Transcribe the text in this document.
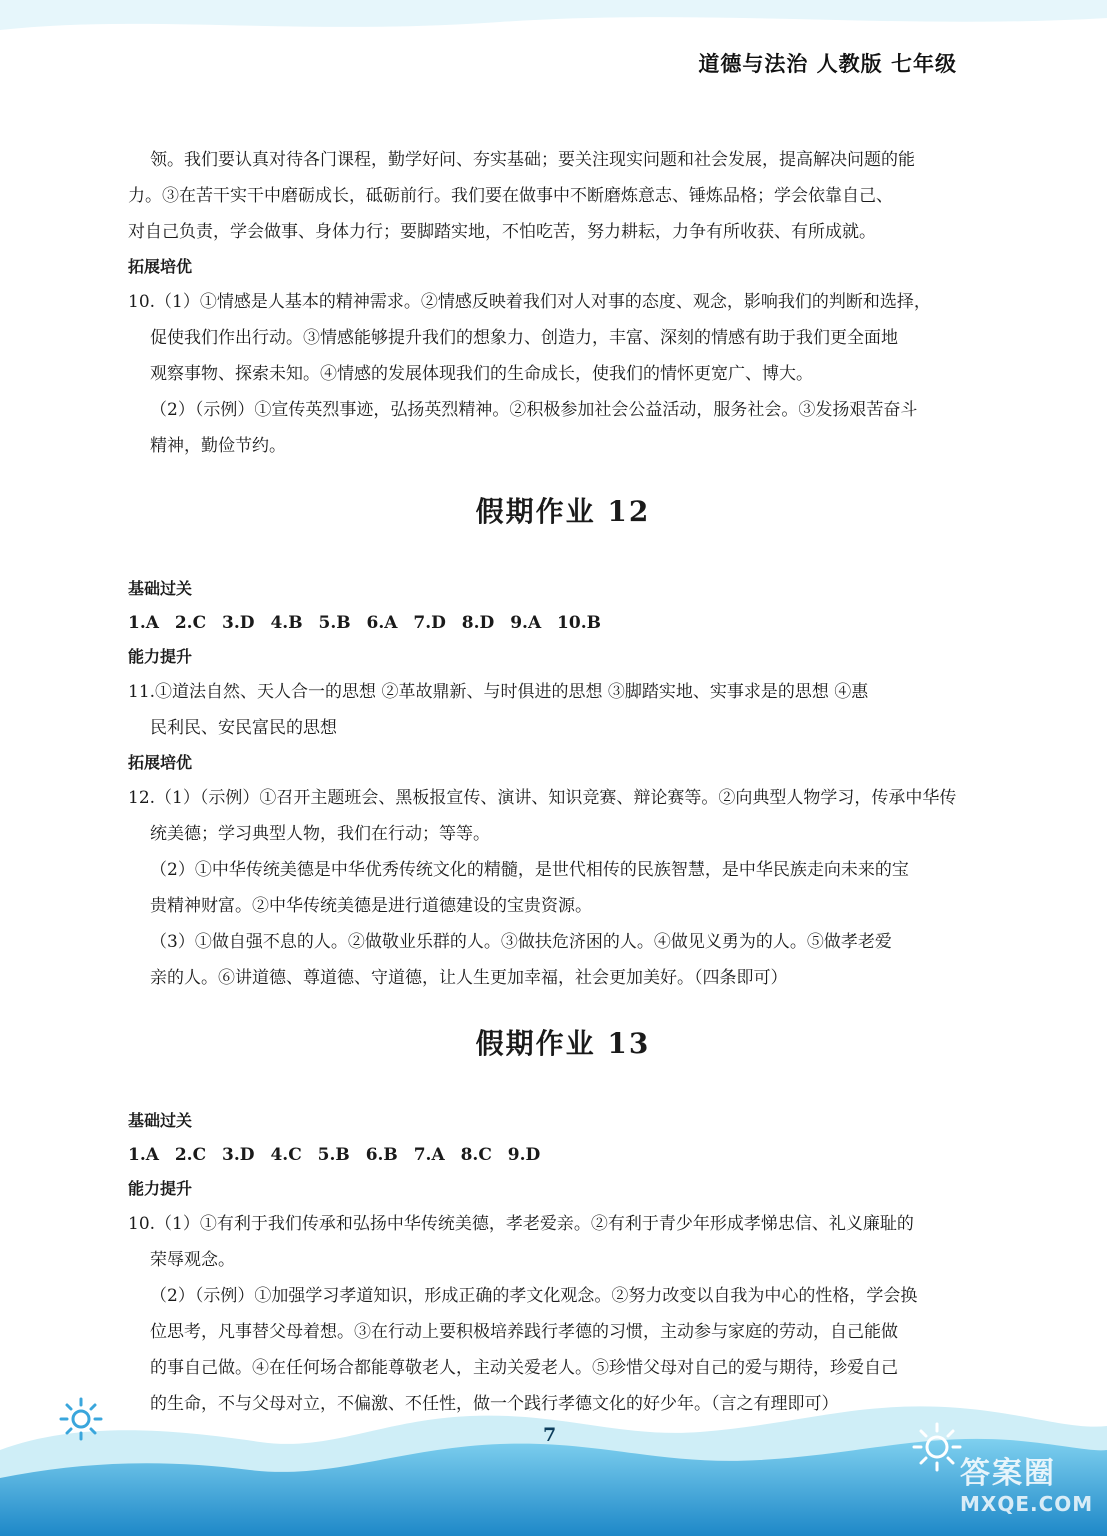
道德与法治 人教版 七年级
领。我们要认真对待各门课程，勤学好问、夯实基础；要关注现实问题和社会发展，提高解决问题的能
力。③在苦干实干中磨砺成长，砥砺前行。我们要在做事中不断磨炼意志、锤炼品格；学会依靠自己、
对自己负责，学会做事、身体力行；要脚踏实地，不怕吃苦，努力耕耘，力争有所收获、有所成就。
拓展培优
10.（1）①情感是人基本的精神需求。②情感反映着我们对人对事的态度、观念，影响我们的判断和选择，
促使我们作出行动。③情感能够提升我们的想象力、创造力，丰富、深刻的情感有助于我们更全面地
观察事物、探索未知。④情感的发展体现我们的生命成长，使我们的情怀更宽广、博大。
（2）（示例）①宣传英烈事迹，弘扬英烈精神。②积极参加社会公益活动，服务社会。③发扬艰苦奋斗
精神，勤俭节约。
假期作业 12
基础过关
1.A 2.C 3.D 4.B 5.B 6.A 7.D 8.D 9.A 10.B
能力提升
11.①道法自然、天人合一的思想 ②革故鼎新、与时俱进的思想 ③脚踏实地、实事求是的思想 ④惠
民利民、安民富民的思想
拓展培优
12.（1）（示例）①召开主题班会、黑板报宣传、演讲、知识竞赛、辩论赛等。②向典型人物学习，传承中华传
统美德；学习典型人物，我们在行动；等等。
（2）①中华传统美德是中华优秀传统文化的精髓，是世代相传的民族智慧，是中华民族走向未来的宝
贵精神财富。②中华传统美德是进行道德建设的宝贵资源。
（3）①做自强不息的人。②做敬业乐群的人。③做扶危济困的人。④做见义勇为的人。⑤做孝老爱
亲的人。⑥讲道德、尊道德、守道德，让人生更加幸福，社会更加美好。（四条即可）
假期作业 13
基础过关
1.A 2.C 3.D 4.C 5.B 6.B 7.A 8.C 9.D
能力提升
10.（1）①有利于我们传承和弘扬中华传统美德，孝老爱亲。②有利于青少年形成孝悌忠信、礼义廉耻的
荣辱观念。
（2）（示例）①加强学习孝道知识，形成正确的孝文化观念。②努力改变以自我为中心的性格，学会换
位思考，凡事替父母着想。③在行动上要积极培养践行孝德的习惯，主动参与家庭的劳动，自己能做
的事自己做。④在任何场合都能尊敬老人，主动关爱老人。⑤珍惜父母对自己的爱与期待，珍爱自己
的生命，不与父母对立，不偏激、不任性，做一个践行孝德文化的好少年。（言之有理即可）
7
答案圈
MXQE.COM
